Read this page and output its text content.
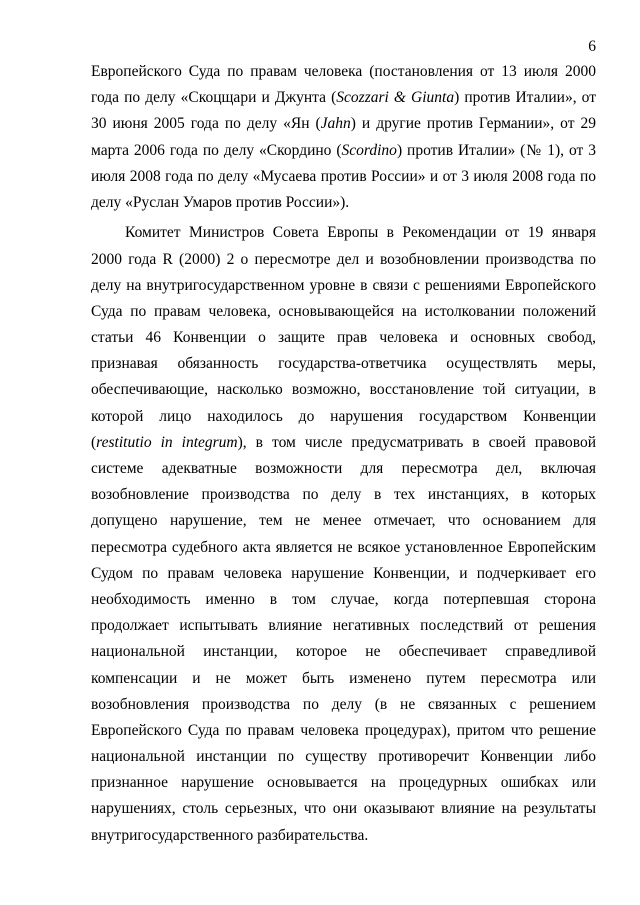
6
Европейского Суда по правам человека (постановления от 13 июля 2000
года по делу «Скоцщари и Джунта (Scozzari & Giunta) против Италии», от
30 июня 2005 года по делу «Ян (Jahn) и другие против Германии», от 29
марта 2006 года по делу «Скордино (Scordino) против Италии» (№ 1), от 3
июля 2008 года по делу «Мусаева против России» и от 3 июля 2008 года по
делу «Руслан Умаров против России»).
Комитет Министров Совета Европы в Рекомендации от 19 января
2000 года R (2000) 2 о пересмотре дел и возобновлении производства по
делу на внутригосударственном уровне в связи с решениями Европейского
Суда по правам человека, основывающейся на истолковании положений
статьи 46 Конвенции о защите прав человека и основных свобод,
признавая обязанность государства-ответчика осуществлять меры,
обеспечивающие, насколько возможно, восстановление той ситуации, в
которой лицо находилось до нарушения государством Конвенции
(restitutio in integrum), в том числе предусматривать в своей правовой
системе адекватные возможности для пересмотра дел, включая
возобновление производства по делу в тех инстанциях, в которых
допущено нарушение, тем не менее отмечает, что основанием для
пересмотра судебного акта является не всякое установленное Европейским
Судом по правам человека нарушение Конвенции, и подчеркивает его
необходимость именно в том случае, когда потерпевшая сторона
продолжает испытывать влияние негативных последствий от решения
национальной инстанции, которое не обеспечивает справедливой
компенсации и не может быть изменено путем пересмотра или
возобновления производства по делу (в не связанных с решением
Европейского Суда по правам человека процедурах), притом что решение
национальной инстанции по существу противоречит Конвенции либо
признанное нарушение основывается на процедурных ошибках или
нарушениях, столь серьезных, что они оказывают влияние на результаты
внутригосударственного разбирательства.
